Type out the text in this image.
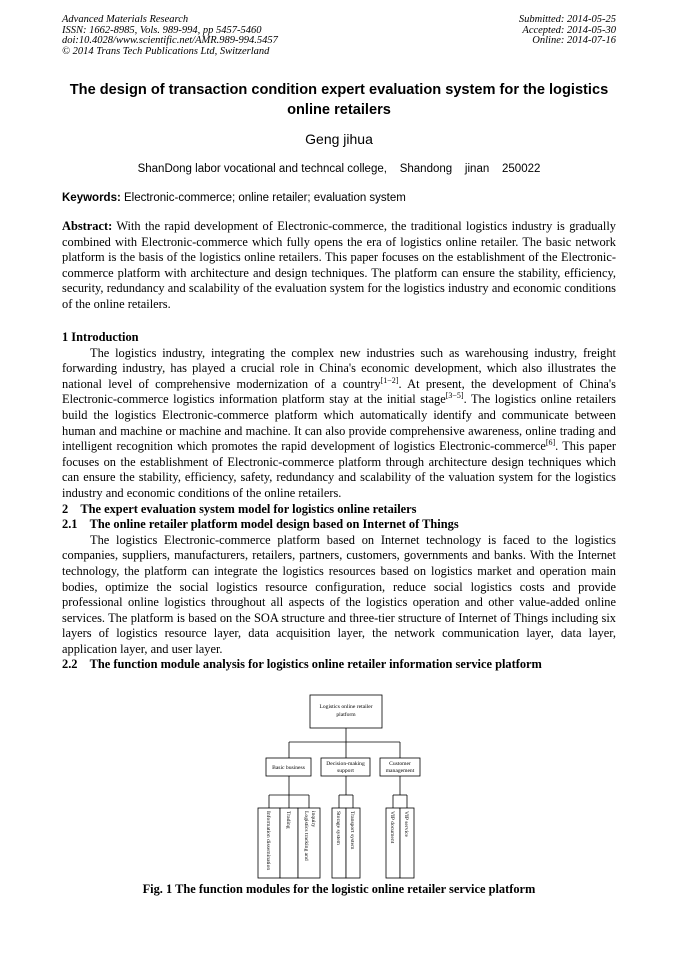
Advanced Materials Research
ISSN: 1662-8985, Vols. 989-994, pp 5457-5460
doi:10.4028/www.scientific.net/AMR.989-994.5457
© 2014 Trans Tech Publications Ltd, Switzerland
Submitted: 2014-05-25
Accepted: 2014-05-30
Online: 2014-07-16
The design of transaction condition expert evaluation system for the logistics online retailers
Geng jihua
ShanDong labor vocational and techncal college,    Shandong    jinan    250022
Keywords: Electronic-commerce; online retailer; evaluation system
Abstract: With the rapid development of Electronic-commerce, the traditional logistics industry is gradually combined with Electronic-commerce which fully opens the era of logistics online retailer. The basic network platform is the basis of the logistics online retailers. This paper focuses on the establishment of the Electronic-commerce platform with architecture and design techniques. The platform can ensure the stability, efficiency, security, redundancy and scalability of the evaluation system for the logistics industry and economic conditions of the online retailers.

1 Introduction

The logistics industry, integrating the complex new industries such as warehousing industry, freight forwarding industry, has played a crucial role in China's economic development, which also illustrates the national level of comprehensive modernization of a country[1−2]. At present, the development of China's Electronic-commerce logistics information platform stay at the initial stage[3−5]. The logistics online retailers build the logistics Electronic-commerce platform which automatically identify and communicate between human and machine or machine and machine. It can also provide comprehensive awareness, online trading and intelligent recognition which promotes the rapid development of logistics Electronic-commerce[6]. This paper focuses on the establishment of Electronic-commerce platform through architecture design techniques which can ensure the stability, efficiency, safety, redundancy and scalability of the valuation system for the logistics industry and economic conditions of the online retailers.

2    The expert evaluation system model for logistics online retailers

2.1    The online retailer platform model design based on Internet of Things

The logistics Electronic-commerce platform based on Internet technology is faced to the logistics companies, suppliers, manufacturers, retailers, partners, customers, governments and banks. With the Internet technology, the platform can integrate the logistics resources based on logistics market and operation main bodies, optimize the social logistics resource configuration, reduce social logistics costs and provide professional online logistics throughout all aspects of the logistics operation and other value-added online services. The platform is based on the SOA structure and three-tier structure of Internet of Things including six layers of logistics resource layer, data acquisition layer, the network communication layer, data layer, application layer, and user layer.

2.2    The function module analysis for logistics online retailer information service platform

Logistics online retailer
platform
Basic business
Decision-making
support
Customer
management
Information dissemination	Trading Logistics tracking and inquiry	Storage system Transport system	VIP document VIP service
Fig. 1 The function modules for the logistic online retailer service platform
